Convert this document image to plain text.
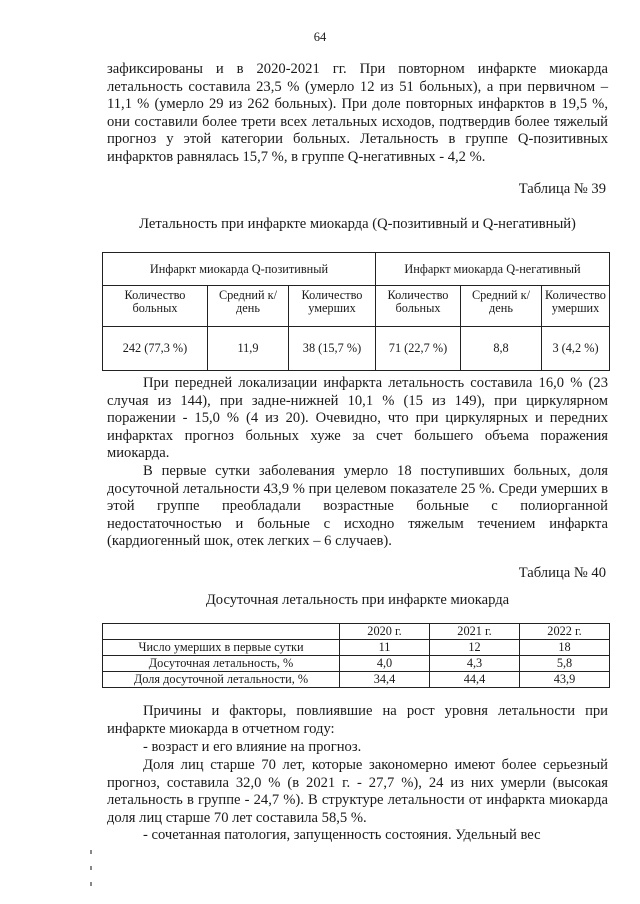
64

зафиксированы и в 2020-2021 гг. При повторном инфаркте миокарда летальность составила 23,5 % (умерло 12 из 51 больных), а при первичном – 11,1 % (умерло 29 из 262 больных). При доле повторных инфарктов в 19,5 %, они составили более трети всех летальных исходов, подтвердив более тяжелый прогноз у этой категории больных. Летальность в группе Q-позитивных инфарктов равнялась 15,7 %, в группе Q-негативных - 4,2 %.

Таблица № 39
Летальность при инфаркте миокарда (Q-позитивный и Q-негативный)
Инфаркт миокарда Q-позитивный			Инфаркт миокарда Q-негативный		
Количество больных	Средний к/день	Количество умерших	Количество больных	Средний к/день	Количество умерших
242 (77,3 %)	11,9	38 (15,7 %)	71 (22,7 %)	8,8	3 (4,2 %)

При передней локализации инфаркта летальность составила 16,0 % (23 случая из 144), при задне-нижней 10,1 % (15 из 149), при циркулярном поражении - 15,0 % (4 из 20). Очевидно, что при циркулярных и передних инфарктах прогноз больных хуже за счет большего объема поражения миокарда.

В первые сутки заболевания умерло 18 поступивших больных, доля досуточной летальности 43,9 % при целевом показателе 25 %. Среди умерших в этой группе преобладали возрастные больные с полиорганной недостаточностью и больные с исходно тяжелым течением инфаркта (кардиогенный шок, отек легких – 6 случаев).

Таблица № 40
Досуточная летальность при инфаркте миокарда
	2020 г.	2021 г.	2022 г.
Число умерших в первые сутки	11	12	18
Досуточная летальность, %	4,0	4,3	5,8
Доля досуточной летальности, %	34,4	44,4	43,9

Причины и факторы, повлиявшие на рост уровня летальности при инфаркте миокарда в отчетном году:

- возраст и его влияние на прогноз.

Доля лиц старше 70 лет, которые закономерно имеют более серьезный прогноз, составила 32,0 % (в 2021 г. - 27,7 %), 24 из них умерли (высокая летальность в группе - 24,7 %). В структуре летальности от инфаркта миокарда доля лиц старше 70 лет составила 58,5 %.

- сочетанная патология, запущенность состояния. Удельный вес
